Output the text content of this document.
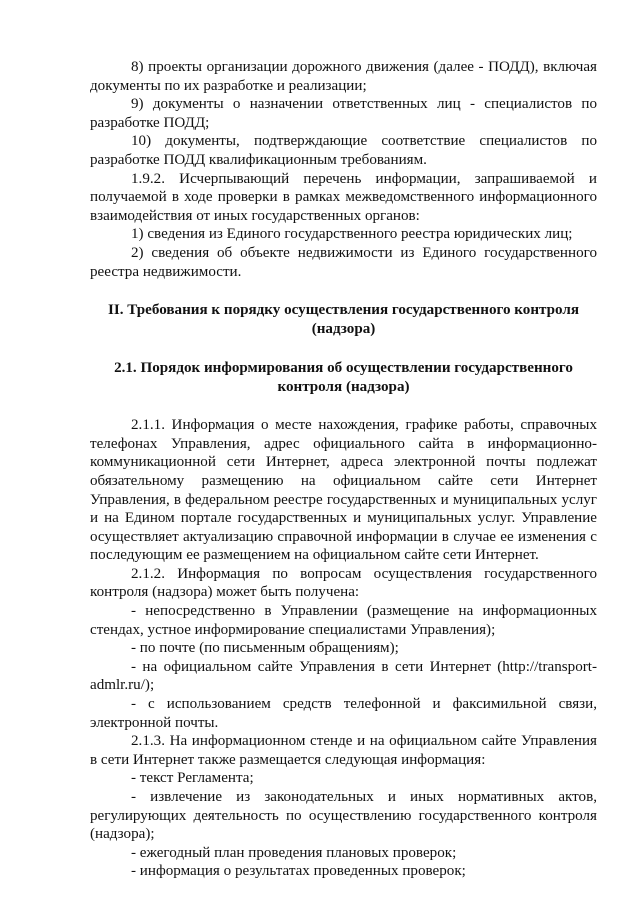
8) проекты организации дорожного движения (далее - ПОДД), включая документы по их разработке и реализации;

9) документы о назначении ответственных лиц - специалистов по разработке ПОДД;

10) документы, подтверждающие соответствие специалистов по разработке ПОДД квалификационным требованиям.

1.9.2. Исчерпывающий перечень информации, запрашиваемой и получаемой в ходе проверки в рамках межведомственного информационного взаимодействия от иных государственных органов:

1) сведения из Единого государственного реестра юридических лиц;

2) сведения об объекте недвижимости из Единого государственного реестра недвижимости.

II. Требования к порядку осуществления государственного контроля (надзора)

2.1. Порядок информирования об осуществлении государственного контроля (надзора)

2.1.1. Информация о месте нахождения, графике работы, справочных телефонах Управления, адрес официального сайта в информационно-коммуникационной сети Интернет, адреса электронной почты подлежат обязательному размещению на официальном сайте сети Интернет Управления, в федеральном реестре государственных и муниципальных услуг и на Едином портале государственных и муниципальных услуг. Управление осуществляет актуализацию справочной информации в случае ее изменения с последующим ее размещением на официальном сайте сети Интернет.

2.1.2. Информация по вопросам осуществления государственного контроля (надзора) может быть получена:

- непосредственно в Управлении (размещение на информационных стендах, устное информирование специалистами Управления);

- по почте (по письменным обращениям);

- на официальном сайте Управления в сети Интернет (http://transport-admlr.ru/);

- с использованием средств телефонной и факсимильной связи, электронной почты.

2.1.3. На информационном стенде и на официальном сайте Управления в сети Интернет также размещается следующая информация:

- текст Регламента;

- извлечение из законодательных и иных нормативных актов, регулирующих деятельность по осуществлению государственного контроля (надзора);

- ежегодный план проведения плановых проверок;

- информация о результатах проведенных проверок;
